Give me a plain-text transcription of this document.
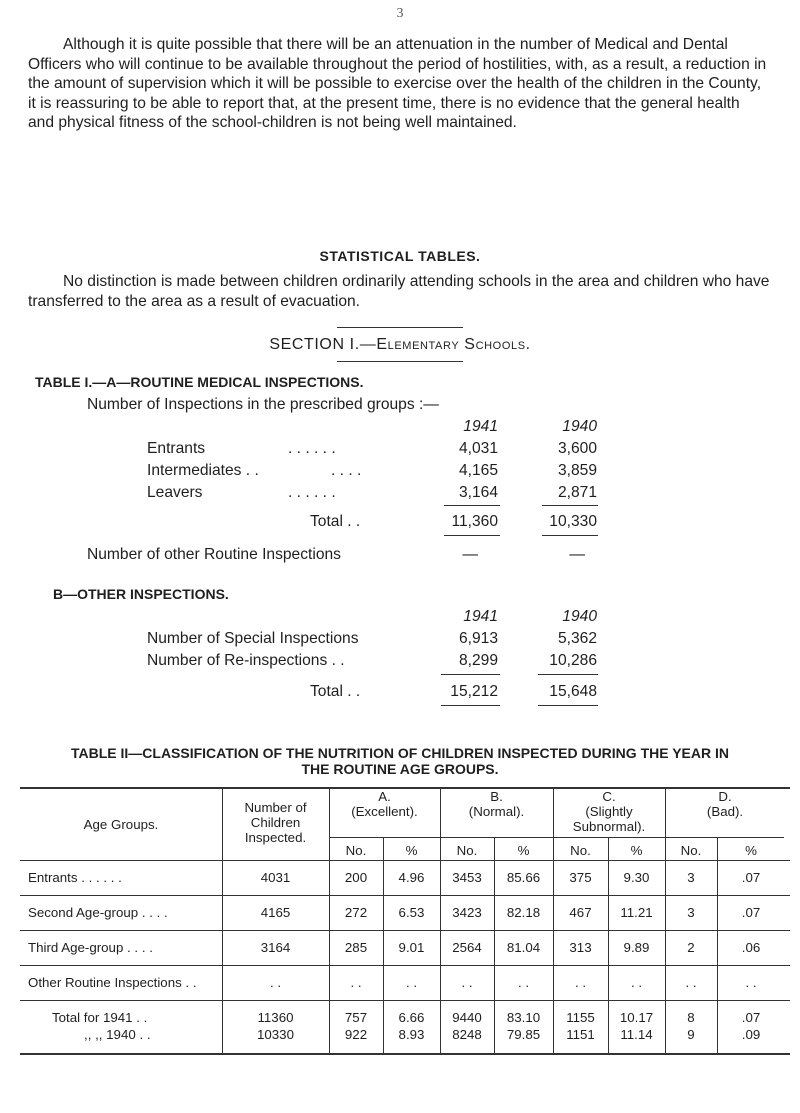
3

Although it is quite possible that there will be an attenuation in the number of Medical and Dental Officers who will continue to be available throughout the period of hostilities, with, as a result, a reduction in the amount of supervision which it will be possible to exercise over the health of the children in the County, it is reassuring to be able to report that, at the present time, there is no evidence that the general health and physical fitness of the school-children is not being well maintained.

STATISTICAL TABLES.

No distinction is made between children ordinarily attending schools in the area and children who have transferred to the area as a result of evacuation.

SECTION I.—Elementary Schools.
TABLE I.—A—ROUTINE MEDICAL INSPECTIONS.
Number of Inspections in the prescribed groups :—
1941	1940
Entrants	. . . . . .	4,031	3,600
Intermediates . .	. . . .	4,165	3,859
Leavers	. . . . . .	3,164	2,871
Total . .	11,360	10,330
Number of other Routine Inspections	—	—
B—OTHER INSPECTIONS.
1941	1940
Number of Special Inspections	6,913	5,362
Number of Re-inspections . .	8,299	10,286
Total . .	15,212	15,648
TABLE II—CLASSIFICATION OF THE NUTRITION OF CHILDREN INSPECTED DURING THE YEAR IN
THE ROUTINE AGE GROUPS.
Age Groups.
Number of
Children
Inspected.
A.
(Excellent).
B.
(Normal).
C.
(Slightly
Subnormal).
D.
(Bad).
No.	%	No.	%	No.	%	No.	%
Entrants . . . . . .	4031	200	4.96	3453	85.66	375	9.30	3	.07
Second Age-group . . . .	4165	272	6.53	3423	82.18	467	11.21	3	.07
Third Age-group . . . .	3164	285	9.01	2564	81.04	313	9.89	2	.06
Other Routine Inspections . .	. .	. .	. .	. .	. .	. .	. .	. .	. .
Total for 1941 . .	11360	757	6.66	9440	83.10	1155	10.17	8	.07
,, ,, 1940 . .	10330	922	8.93	8248	79.85	1151	11.14	9	.09
